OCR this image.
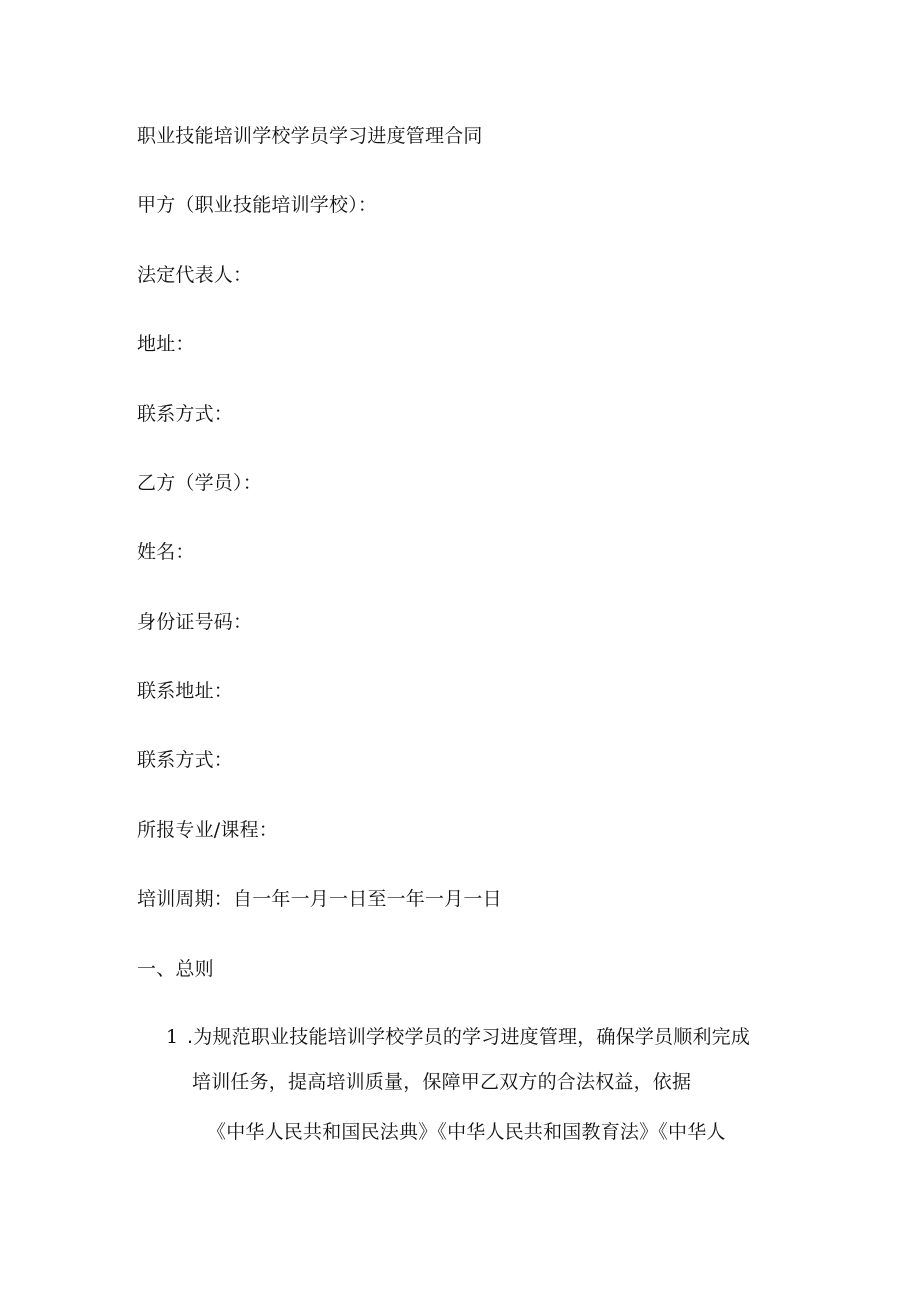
职业技能培训学校学员学习进度管理合同
甲方（职业技能培训学校）：
法定代表人：
地址：
联系方式：
乙方（学员）：
姓名：
身份证号码：
联系地址：
联系方式：
所报专业/课程：
培训周期：自一年一月一日至一年一月一日
一、总则
1 .为规范职业技能培训学校学员的学习进度管理，确保学员顺利完成
培训任务，提高培训质量，保障甲乙双方的合法权益，依据
《中华人民共和国民法典》《中华人民共和国教育法》《中华人
